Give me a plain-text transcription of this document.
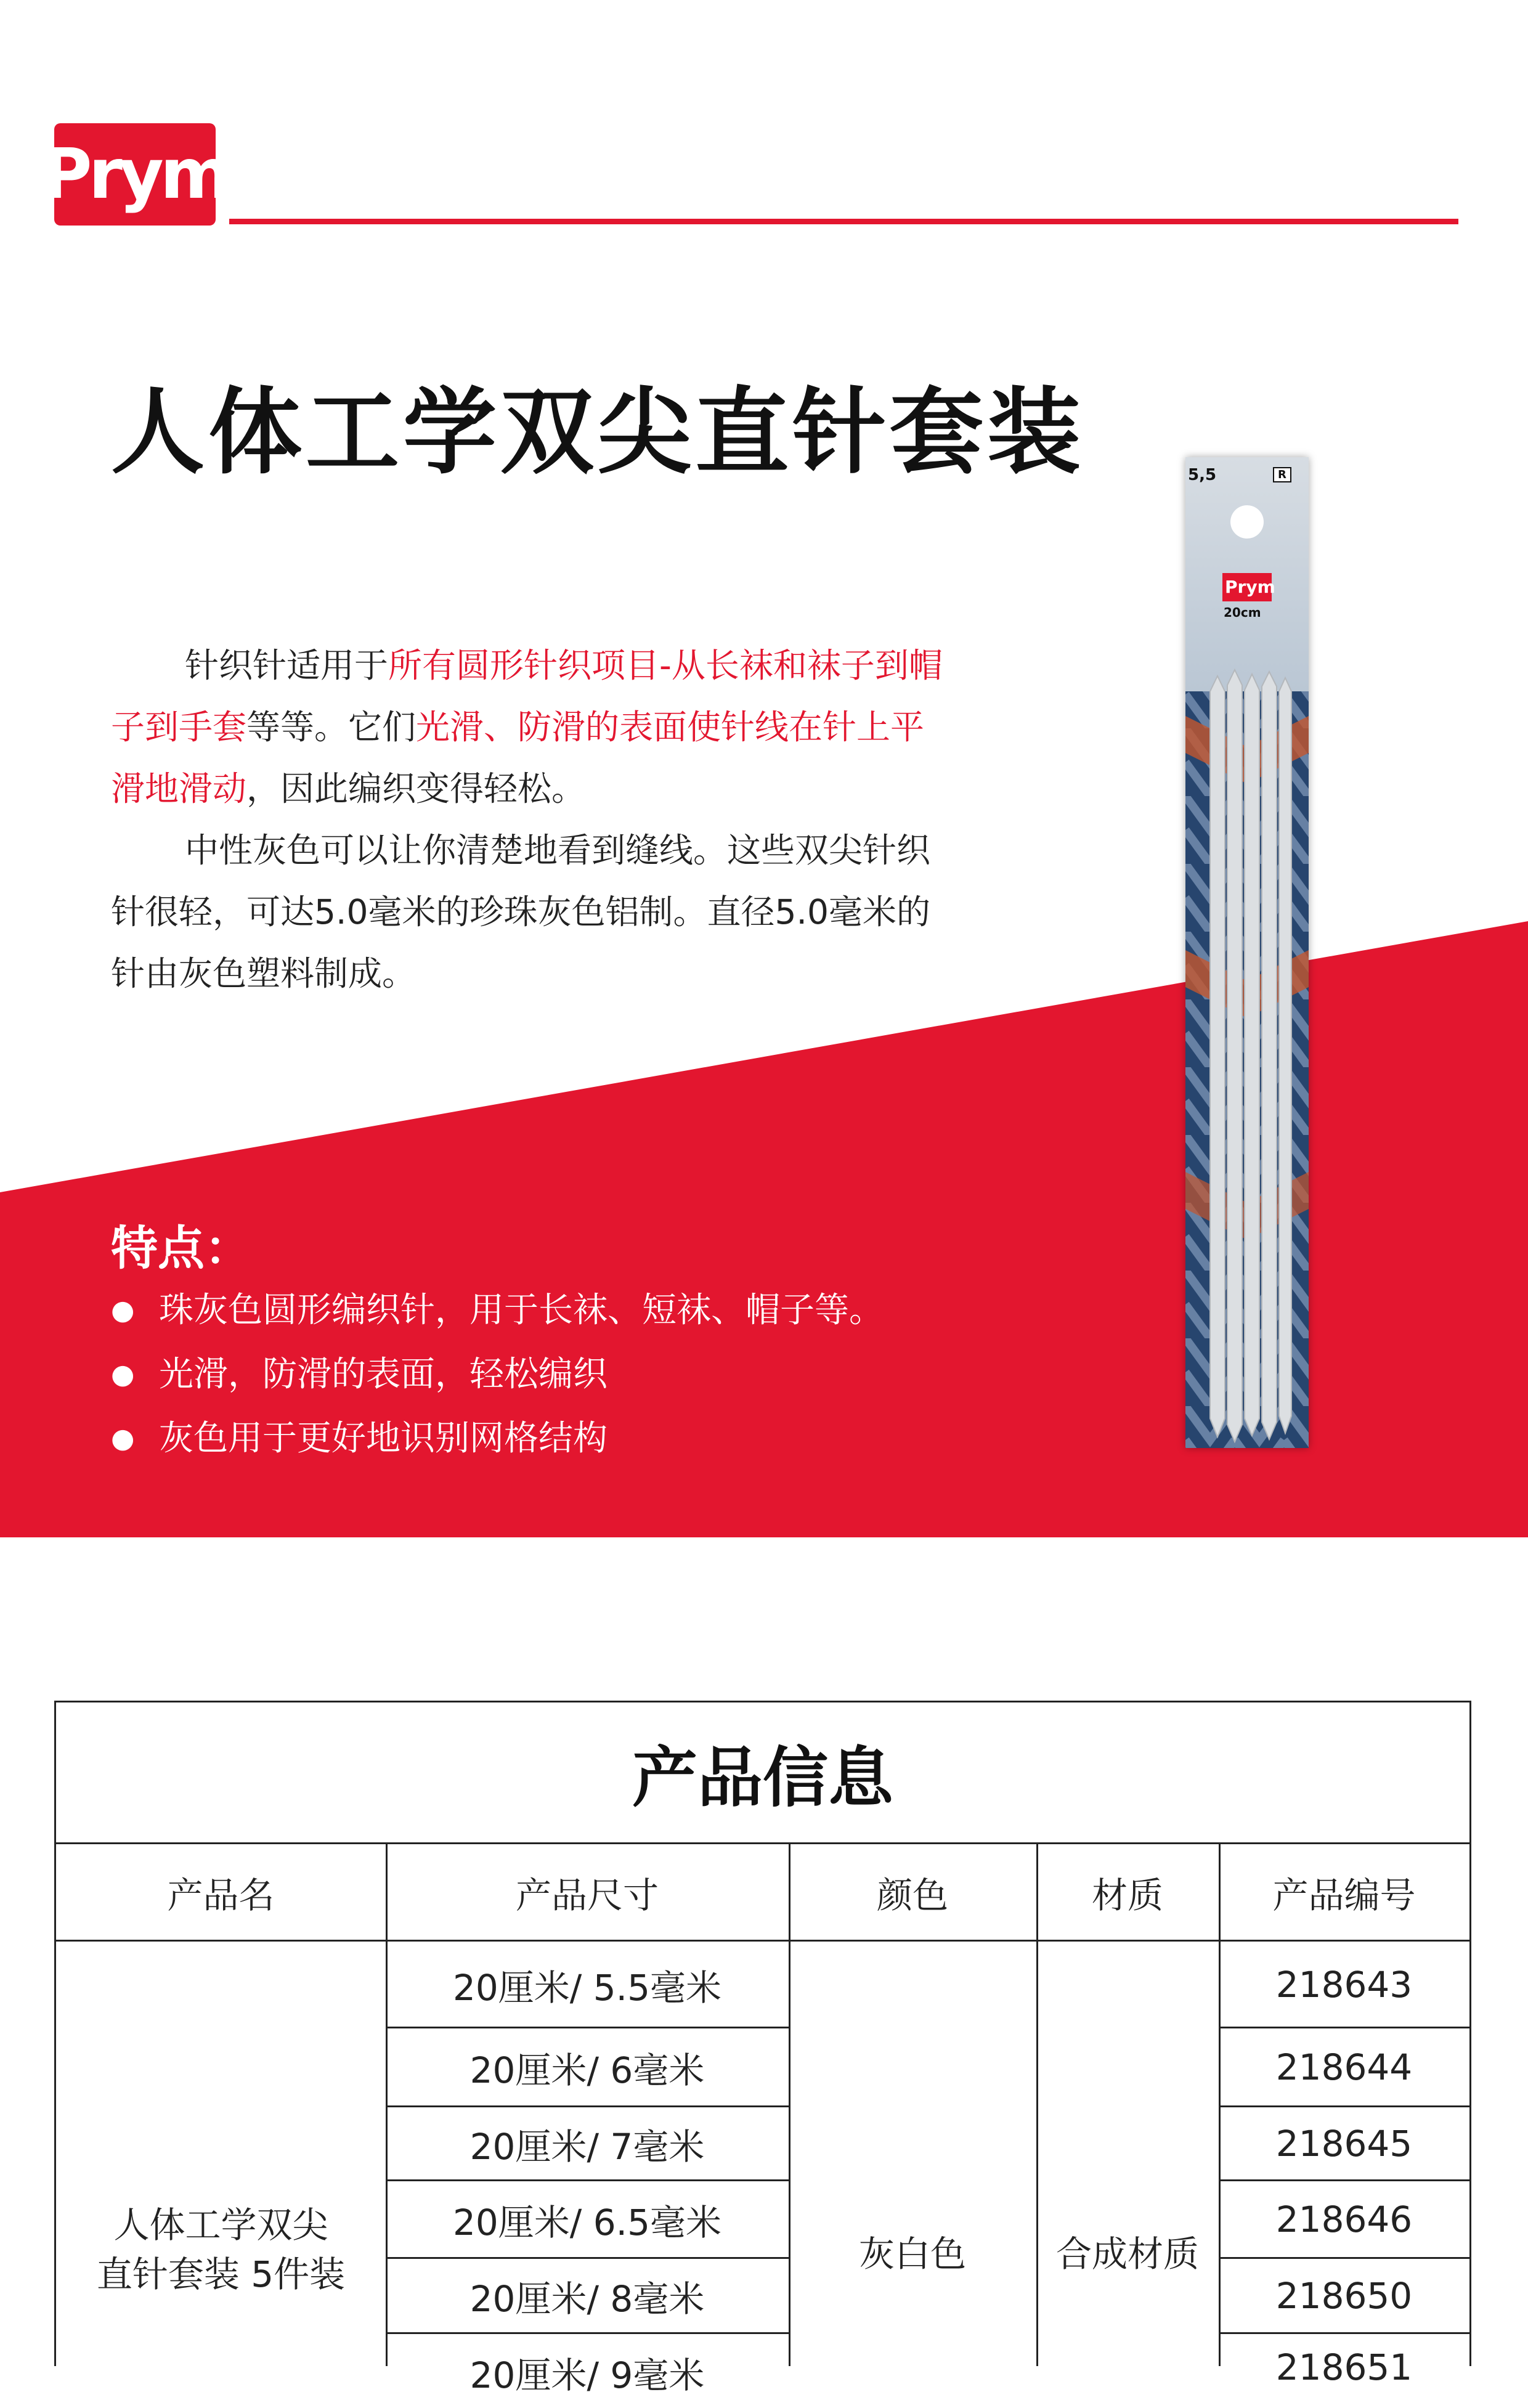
Prym
人体工学双尖直针套装

针织针适用于所有圆形针织项目-从长袜和袜子到帽子到手套等等。它们光滑、防滑的表面使针线在针上平滑地滑动，因此编织变得轻松。

中性灰色可以让你清楚地看到缝线。这些双尖针织针很轻，可达5.0毫米的珍珠灰色铝制。直径5.0毫米的针由灰色塑料制成。

特点：
● 珠灰色圆形编织针，用于长袜、短袜、帽子等。
● 光滑，防滑的表面，轻松编织
● 灰色用于更好地识别网格结构
5,5	R
Prym
20cm
产品信息
产品名	产品尺寸	颜色	材质	产品编号
人体工学双尖
直针套装 5件装	灰白色	合成材质
20厘米/ 5.5毫米	218643
20厘米/ 6毫米	218644
20厘米/ 7毫米	218645
20厘米/ 6.5毫米	218646
20厘米/ 8毫米	218650
20厘米/ 9毫米	218651
